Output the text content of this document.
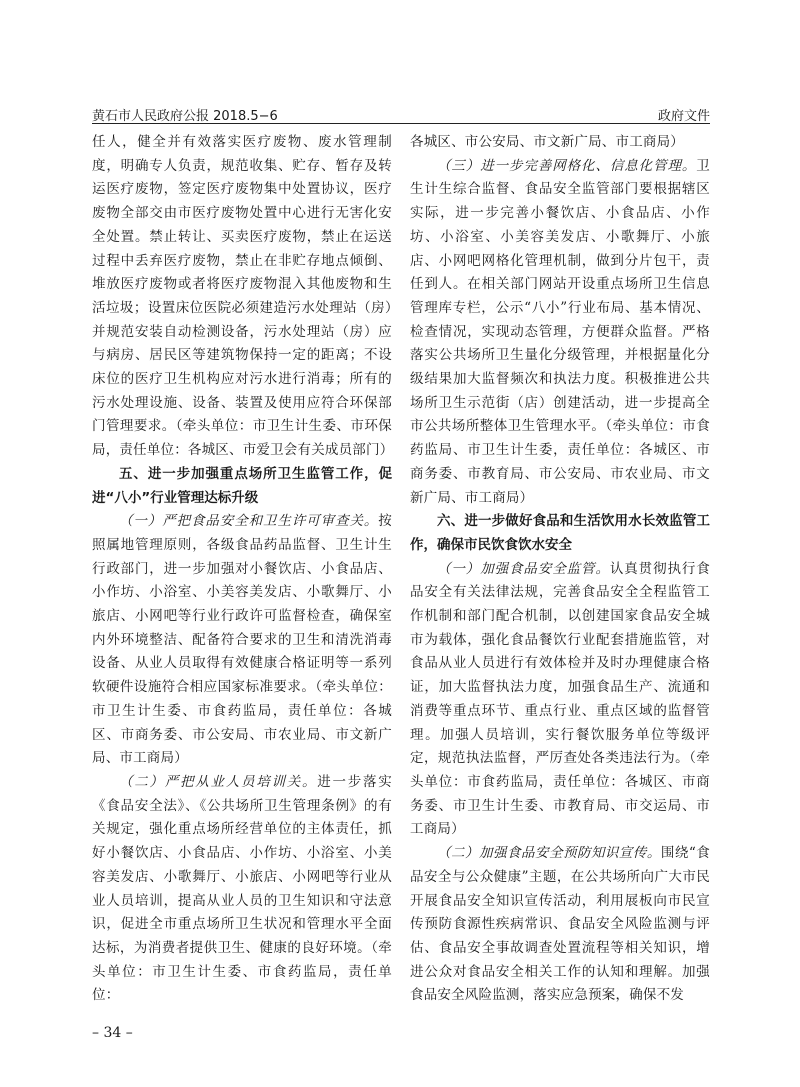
黄石市人民政府公报 2018.5−6	政府文件

任人，健全并有效落实医疗废物、废水管理制度，明确专人负责，规范收集、贮存、暂存及转运医疗废物，签定医疗废物集中处置协议，医疗废物全部交由市医疗废物处置中心进行无害化安全处置。禁止转让、买卖医疗废物，禁止在运送过程中丢弃医疗废物，禁止在非贮存地点倾倒、堆放医疗废物或者将医疗废物混入其他废物和生活垃圾；设置床位医院必须建造污水处理站（房）并规范安装自动检测设备，污水处理站（房）应与病房、居民区等建筑物保持一定的距离；不设床位的医疗卫生机构应对污水进行消毒；所有的污水处理设施、设备、装置及使用应符合环保部门管理要求。（牵头单位：市卫生计生委、市环保局，责任单位：各城区、市爱卫会有关成员部门）

五、进一步加强重点场所卫生监管工作，促进“八小”行业管理达标升级

（一）严把食品安全和卫生许可审查关。按照属地管理原则，各级食品药品监督、卫生计生行政部门，进一步加强对小餐饮店、小食品店、小作坊、小浴室、小美容美发店、小歌舞厅、小旅店、小网吧等行业行政许可监督检查，确保室内外环境整洁、配备符合要求的卫生和清洗消毒设备、从业人员取得有效健康合格证明等一系列软硬件设施符合相应国家标准要求。（牵头单位：市卫生计生委、市食药监局，责任单位：各城区、市商务委、市公安局、市农业局、市文新广局、市工商局）

（二）严把从业人员培训关。进一步落实《食品安全法》、《公共场所卫生管理条例》的有关规定，强化重点场所经营单位的主体责任，抓好小餐饮店、小食品店、小作坊、小浴室、小美容美发店、小歌舞厅、小旅店、小网吧等行业从业人员培训，提高从业人员的卫生知识和守法意识，促进全市重点场所卫生状况和管理水平全面达标，为消费者提供卫生、健康的良好环境。（牵头单位：市卫生计生委、市食药监局，责任单位：

各城区、市公安局、市文新广局、市工商局）

（三）进一步完善网格化、信息化管理。卫生计生综合监督、食品安全监管部门要根据辖区实际，进一步完善小餐饮店、小食品店、小作坊、小浴室、小美容美发店、小歌舞厅、小旅店、小网吧网格化管理机制，做到分片包干，责任到人。在相关部门网站开设重点场所卫生信息管理库专栏，公示“八小”行业布局、基本情况、检查情况，实现动态管理，方便群众监督。严格落实公共场所卫生量化分级管理，并根据量化分级结果加大监督频次和执法力度。积极推进公共场所卫生示范街（店）创建活动，进一步提高全市公共场所整体卫生管理水平。（牵头单位：市食药监局、市卫生计生委，责任单位：各城区、市商务委、市教育局、市公安局、市农业局、市文新广局、市工商局）

六、进一步做好食品和生活饮用水长效监管工作，确保市民饮食饮水安全

（一）加强食品安全监管。认真贯彻执行食品安全有关法律法规，完善食品安全全程监管工作机制和部门配合机制，以创建国家食品安全城市为载体，强化食品餐饮行业配套措施监管，对食品从业人员进行有效体检并及时办理健康合格证，加大监督执法力度，加强食品生产、流通和消费等重点环节、重点行业、重点区域的监督管理。加强人员培训，实行餐饮服务单位等级评定，规范执法监督，严厉查处各类违法行为。（牵头单位：市食药监局，责任单位：各城区、市商务委、市卫生计生委、市教育局、市交运局、市工商局）

（二）加强食品安全预防知识宣传。围绕“食品安全与公众健康”主题，在公共场所向广大市民开展食品安全知识宣传活动，利用展板向市民宣传预防食源性疾病常识、食品安全风险监测与评估、食品安全事故调查处置流程等相关知识，增进公众对食品安全相关工作的认知和理解。加强食品安全风险监测，落实应急预案，确保不发

– 34 –
